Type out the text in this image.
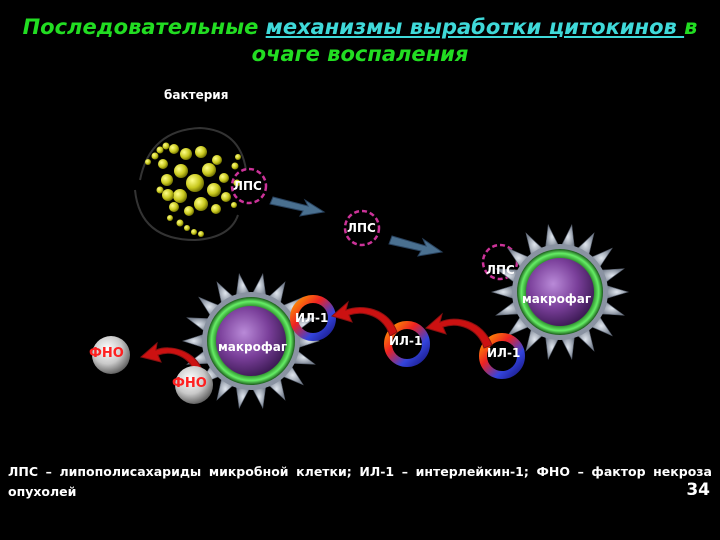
Последовательные механизмы выработки цитокинов в очаге воспаления
бактерия
ЛПС
ЛПС
ЛПС
макрофаг
макрофаг
ИЛ-1
ИЛ-1
ИЛ-1
ФНО
ФНО
ЛПС – липополисахариды микробной клетки; ИЛ-1 – интерлейкин-1; ФНО – фактор некроза опухолей	34
